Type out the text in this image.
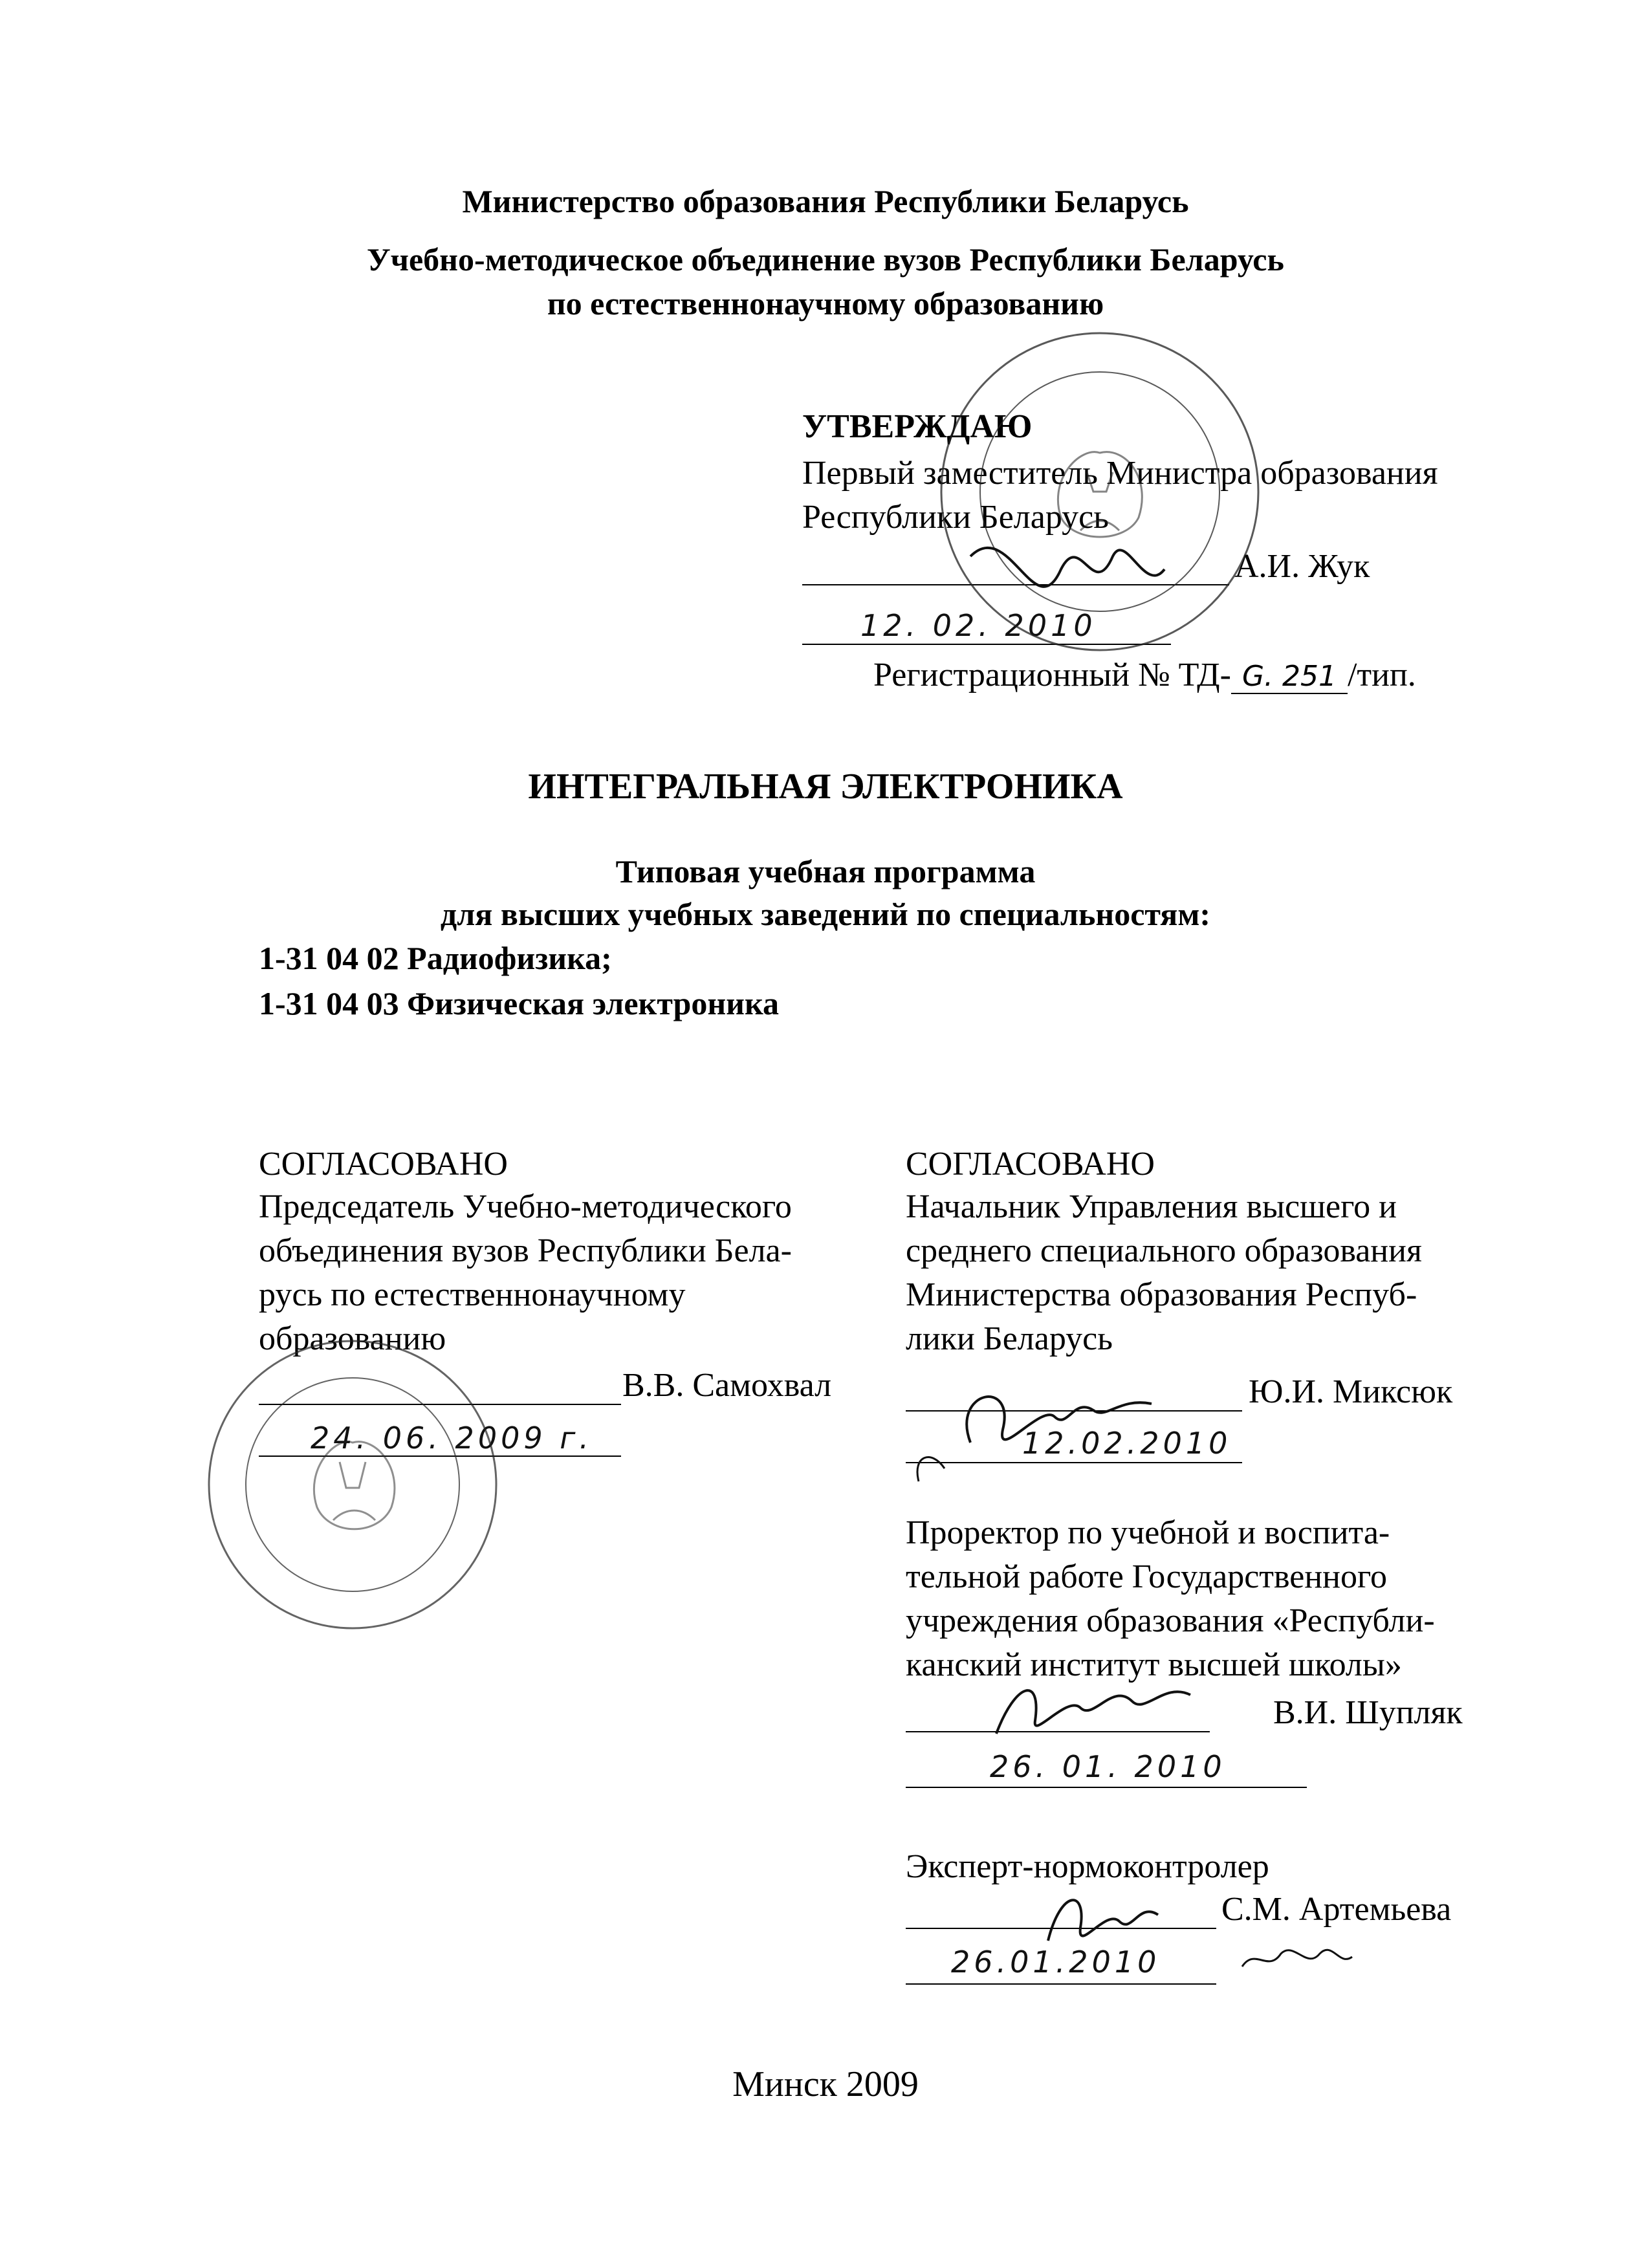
Министерство образования Республики Беларусь
Учебно-методическое объединение вузов Республики Беларусь
по естественнонаучному образованию
УТВЕРЖДАЮ
Первый заместитель Министра образования
Республики Беларусь
А.И. Жук
12. 02. 2010
Регистрационный № ТД- G. 251 /тип.
ИНТЕГРАЛЬНАЯ ЭЛЕКТРОНИКА
Типовая учебная программа
для высших учебных заведений по специальностям:
1-31 04 02 Радиофизика;
1-31 04 03 Физическая электроника
СОГЛАСОВАНО
Председатель Учебно-методического
объединения вузов Республики Бела-
русь по естественнонаучному
образованию
В.В. Самохвал
24. 06. 2009 г.
СОГЛАСОВАНО
Начальник Управления высшего и
среднего специального образования
Министерства образования Респуб-
лики Беларусь
Ю.И. Миксюк
12.02.2010
Проректор по учебной и воспита-
тельной работе Государственного
учреждения образования «Республи-
канский институт высшей школы»
В.И. Шупляк
26. 01. 2010
Эксперт-нормоконтролер
С.М. Артемьева
26.01.2010
Минск 2009
